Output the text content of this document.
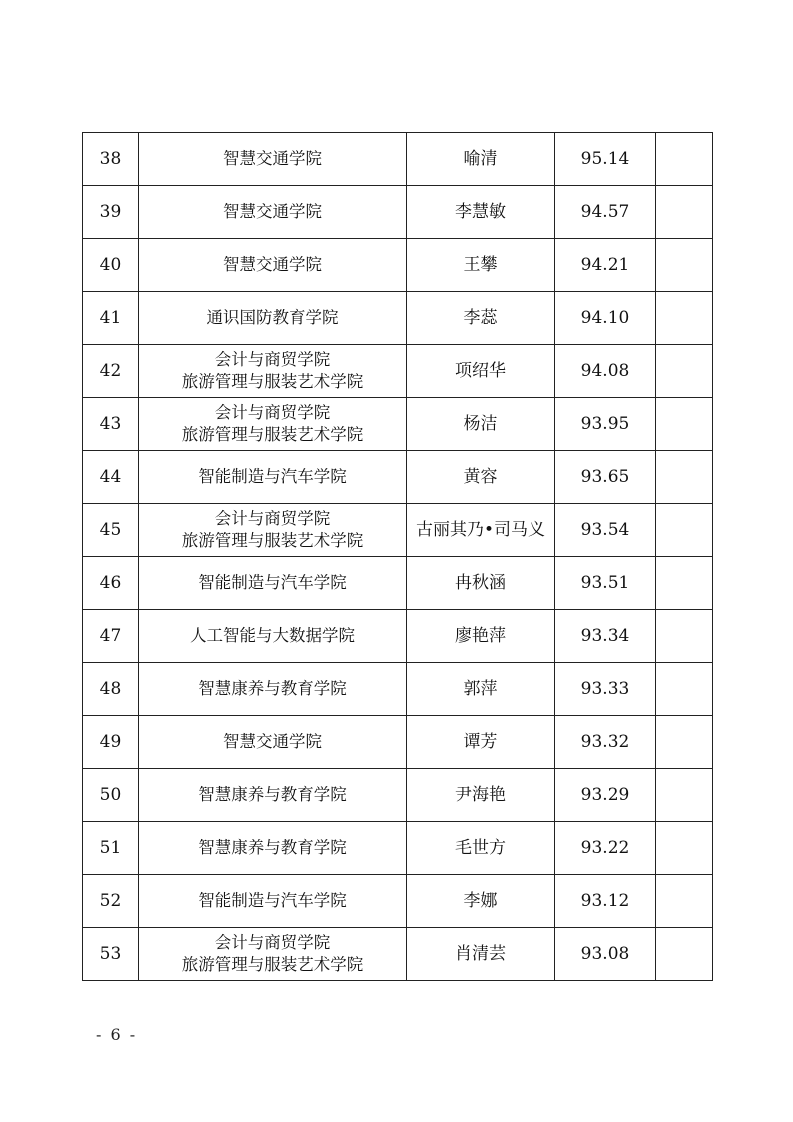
38	智慧交通学院	喻清	95.14	
39	智慧交通学院	李慧敏	94.57	
40	智慧交通学院	王攀	94.21	
41	通识国防教育学院	李蕊	94.10	
42	会计与商贸学院
旅游管理与服装艺术学院	项绍华	94.08	
43	会计与商贸学院
旅游管理与服装艺术学院	杨洁	93.95	
44	智能制造与汽车学院	黄容	93.65	
45	会计与商贸学院
旅游管理与服装艺术学院	古丽其乃•司马义	93.54	
46	智能制造与汽车学院	冉秋涵	93.51	
47	人工智能与大数据学院	廖艳萍	93.34	
48	智慧康养与教育学院	郭萍	93.33	
49	智慧交通学院	谭芳	93.32	
50	智慧康养与教育学院	尹海艳	93.29	
51	智慧康养与教育学院	毛世方	93.22	
52	智能制造与汽车学院	李娜	93.12	
53	会计与商贸学院
旅游管理与服装艺术学院	肖清芸	93.08	
- 6 -
